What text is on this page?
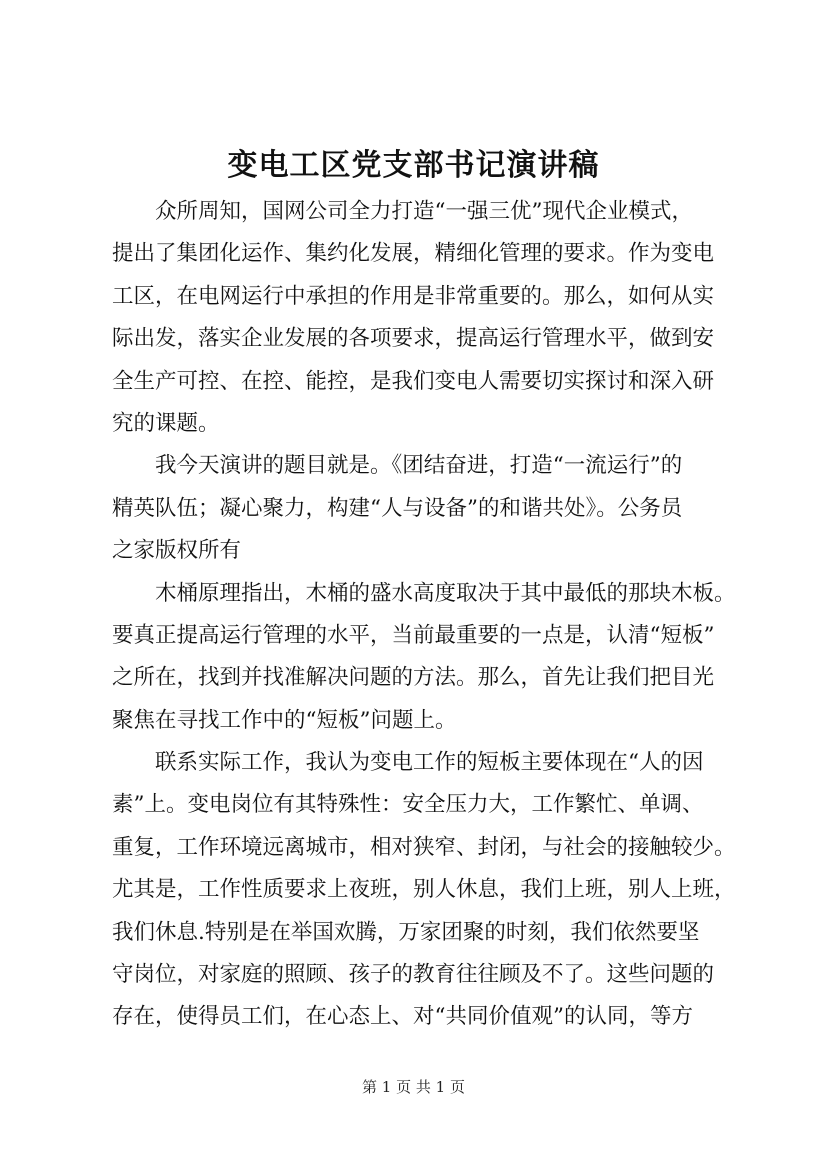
变电工区党支部书记演讲稿
众所周知，国网公司全力打造“一强三优”现代企业模式，
提出了集团化运作、集约化发展，精细化管理的要求。作为变电
工区，在电网运行中承担的作用是非常重要的。那么，如何从实
际出发，落实企业发展的各项要求，提高运行管理水平，做到安
全生产可控、在控、能控，是我们变电人需要切实探讨和深入研
究的课题。
我今天演讲的题目就是。《团结奋进，打造“一流运行”的
精英队伍；凝心聚力，构建“人与设备”的和谐共处》。公务员
之家版权所有
木桶原理指出，木桶的盛水高度取决于其中最低的那块木板。
要真正提高运行管理的水平，当前最重要的一点是，认清“短板”
之所在，找到并找准解决问题的方法。那么，首先让我们把目光
聚焦在寻找工作中的“短板”问题上。
联系实际工作，我认为变电工作的短板主要体现在“人的因
素”上。变电岗位有其特殊性：安全压力大，工作繁忙、单调、
重复，工作环境远离城市，相对狭窄、封闭，与社会的接触较少。
尤其是，工作性质要求上夜班，别人休息，我们上班，别人上班，
我们休息.特别是在举国欢腾，万家团聚的时刻，我们依然要坚
守岗位，对家庭的照顾、孩子的教育往往顾及不了。这些问题的
存在，使得员工们，在心态上、对“共同价值观”的认同，等方
第 1 页 共 1 页
